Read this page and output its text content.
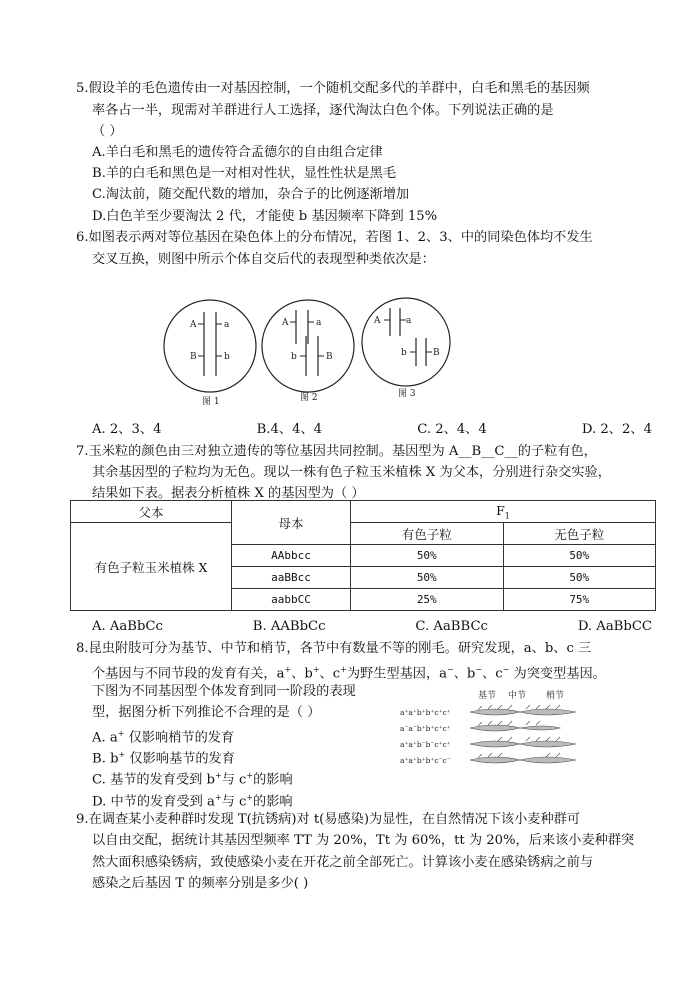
5.假设羊的毛色遗传由一对基因控制，一个随机交配多代的羊群中，白毛和黑毛的基因频
率各占一半，现需对羊群进行人工选择，逐代淘汰白色个体。下列说法正确的是
（ ）
A.羊白毛和黑毛的遗传符合孟德尔的自由组合定律
B.羊的白毛和黑色是一对相对性状，显性性状是黑毛
C.淘汰前，随交配代数的增加，杂合子的比例逐渐增加
D.白色羊至少要淘汰 2 代，才能使 b 基因频率下降到 15%
6.如图表示两对等位基因在染色体上的分布情况，若图 1、2、3、中的同染色体均不发生
交叉互换，则图中所示个体自交后代的表现型种类依次是：
A	a
B	b
图 1
A	a
b	B
图 2
A	a
b	B
图 3
A. 2、3、4	B.4、4、4	C. 2、4、4	D. 2、2、4
7.玉米粒的颜色由三对独立遗传的等位基因共同控制。基因型为 A__B__C__的子粒有色，
其余基因型的子粒均为无色。现以一株有色子粒玉米植株 X 为父本，分别进行杂交实验，
结果如下表。据表分析植株 X 的基因型为（ ）
父本	母本	$F_1$
有色子粒玉米植株 X		有色子粒	无色子粒
	AAbbcc	50%	50%
	aaBBcc	50%	50%
	aabbCC	25%	75%
A. AaBbCc	B. AABbCc	C. AaBBCc	D. AaBbCC
8.昆虫附肢可分为基节、中节和梢节，各节中有数量不等的刚毛。研究发现，a、b、c 三
个基因与不同节段的发育有关，a+、b+、c+为野生型基因，a−、b−、c− 为突变型基因。
下图为不同基因型个体发育到同一阶段的表现
型，据图分析下列推论不合理的是（ ）
A. a+ 仅影响梢节的发育
B. b+ 仅影响基节的发育
C. 基节的发育受到 b+与 c+的影响
D. 中节的发育受到 a+与 c+的影响
基节 中节 梢节
a⁺a⁺b⁺b⁺c⁺c⁺
a⁻a⁻b⁺b⁺c⁺c⁺
a⁺a⁺b⁻b⁻c⁺c⁺
a⁺a⁺b⁺b⁺c⁻c⁻
9.在调查某小麦种群时发现 T(抗锈病)对 t(易感染)为显性，在自然情况下该小麦种群可
以自由交配，据统计其基因型频率 TT 为 20%，Tt 为 60%，tt 为 20%，后来该小麦种群突
然大面积感染锈病，致使感染小麦在开花之前全部死亡。计算该小麦在感染锈病之前与
感染之后基因 T 的频率分别是多少( )
